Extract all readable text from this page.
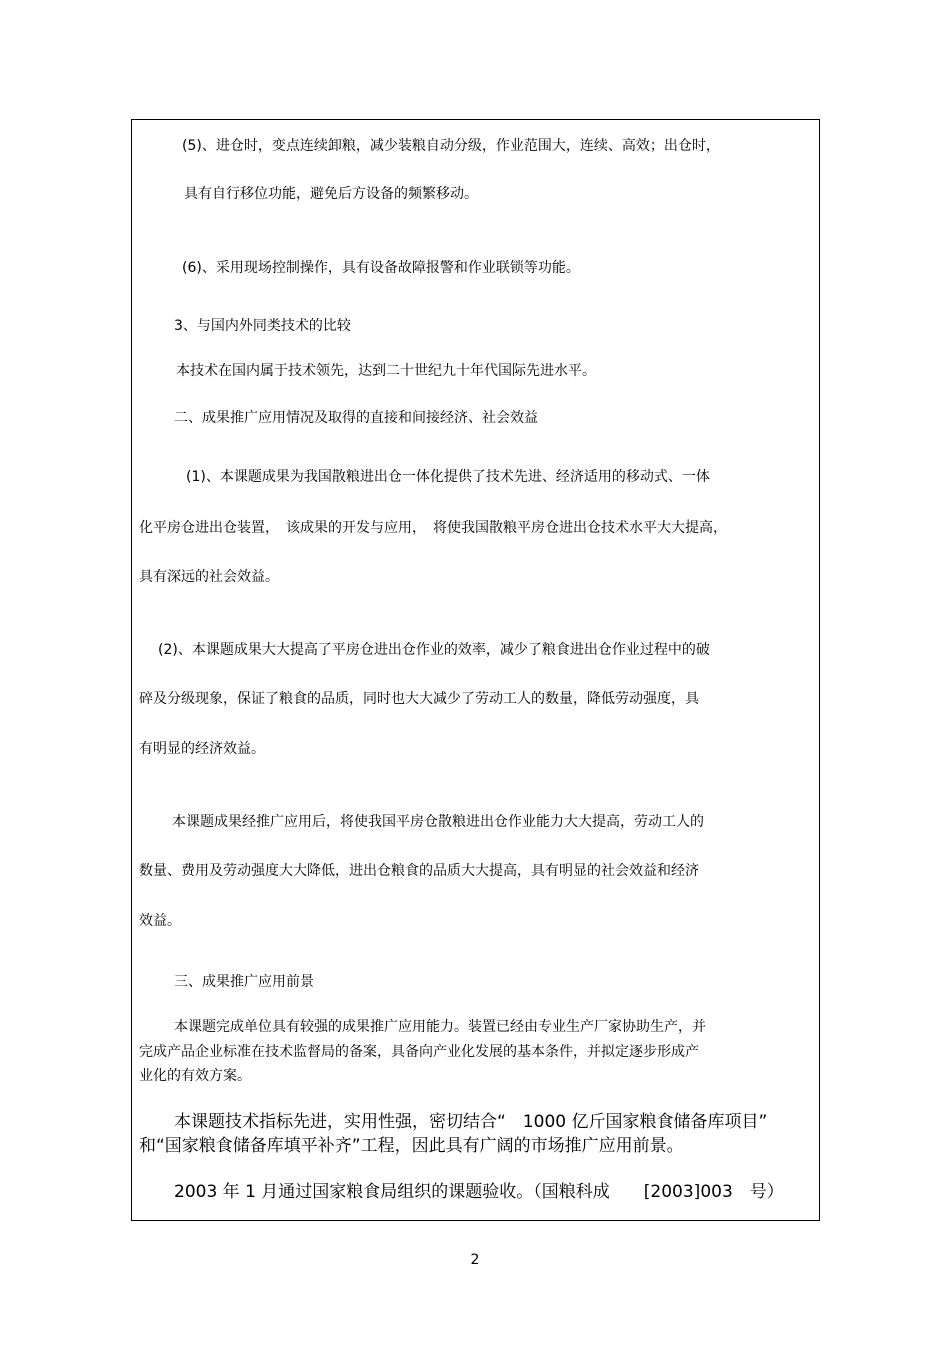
(5)、进仓时，变点连续卸粮，减少装粮自动分级，作业范围大，连续、高效；出仓时，
具有自行移位功能，避免后方设备的频繁移动。
(6)、采用现场控制操作，具有设备故障报警和作业联锁等功能。
3、与国内外同类技术的比较
本技术在国内属于技术领先，达到二十世纪九十年代国际先进水平。
二、成果推广应用情况及取得的直接和间接经济、社会效益
(1)、本课题成果为我国散粮进出仓一体化提供了技术先进、经济适用的移动式、一体
化平房仓进出仓装置，　该成果的开发与应用，　将使我国散粮平房仓进出仓技术水平大大提高，
具有深远的社会效益。
(2)、本课题成果大大提高了平房仓进出仓作业的效率，减少了粮食进出仓作业过程中的破
碎及分级现象，保证了粮食的品质，同时也大大减少了劳动工人的数量，降低劳动强度，具
有明显的经济效益。
本课题成果经推广应用后，将使我国平房仓散粮进出仓作业能力大大提高，劳动工人的
数量、费用及劳动强度大大降低，进出仓粮食的品质大大提高，具有明显的社会效益和经济
效益。
三、成果推广应用前景
本课题完成单位具有较强的成果推广应用能力。装置已经由专业生产厂家协助生产，并
完成产品企业标准在技术监督局的备案，具备向产业化发展的基本条件，并拟定逐步形成产
业化的有效方案。
本课题技术指标先进，实用性强，密切结合“　1000 亿斤国家粮食储备库项目”
和“国家粮食储备库填平补齐”工程，因此具有广阔的市场推广应用前景。
2003 年 1 月通过国家粮食局组织的课题验收。（国粮科成　　[2003]003　号）
2
